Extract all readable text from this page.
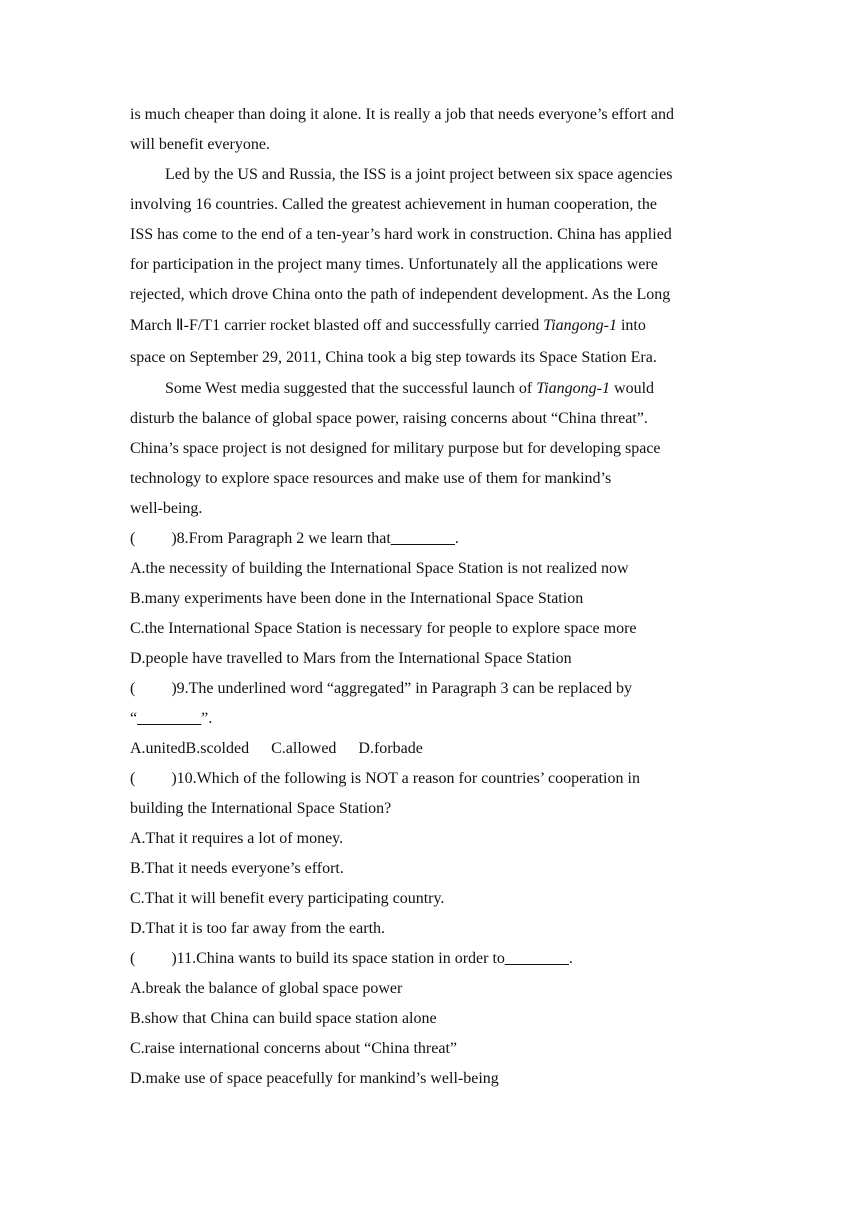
is much cheaper than doing it alone. It is really a job that needs everyone’s effort and
will benefit everyone.
Led by the US and Russia, the ISS is a joint project between six space agencies
involving 16 countries. Called the greatest achievement in human cooperation, the
ISS has come to the end of a ten-year’s hard work in construction. China has applied
for participation in the project many times. Unfortunately all the applications were
rejected, which drove China onto the path of independent development. As the Long
March Ⅱ-F/T1 carrier rocket blasted off and successfully carried Tiangong-1 into
space on September 29, 2011, China took a big step towards its Space Station Era.
Some West media suggested that the successful launch of Tiangong-1 would
disturb the balance of global space power, raising concerns about “China threat”.
China’s space project is not designed for military purpose but for developing space
technology to explore space resources and make use of them for mankind’s
well-being.
( )8.From Paragraph 2 we learn that________.
A.the necessity of building the International Space Station is not realized now
B.many experiments have been done in the International Space Station
C.the International Space Station is necessary for people to explore space more
D.people have travelled to Mars from the International Space Station
( )9.The underlined word “aggregated” in Paragraph 3 can be replaced by
“________”.
A.unitedB.scolded C.allowed D.forbade
( )10.Which of the following is NOT a reason for countries’ cooperation in
building the International Space Station?
A.That it requires a lot of money.
B.That it needs everyone’s effort.
C.That it will benefit every participating country.
D.That it is too far away from the earth.
( )11.China wants to build its space station in order to________.
A.break the balance of global space power
B.show that China can build space station alone
C.raise international concerns about “China threat”
D.make use of space peacefully for mankind’s well-being
